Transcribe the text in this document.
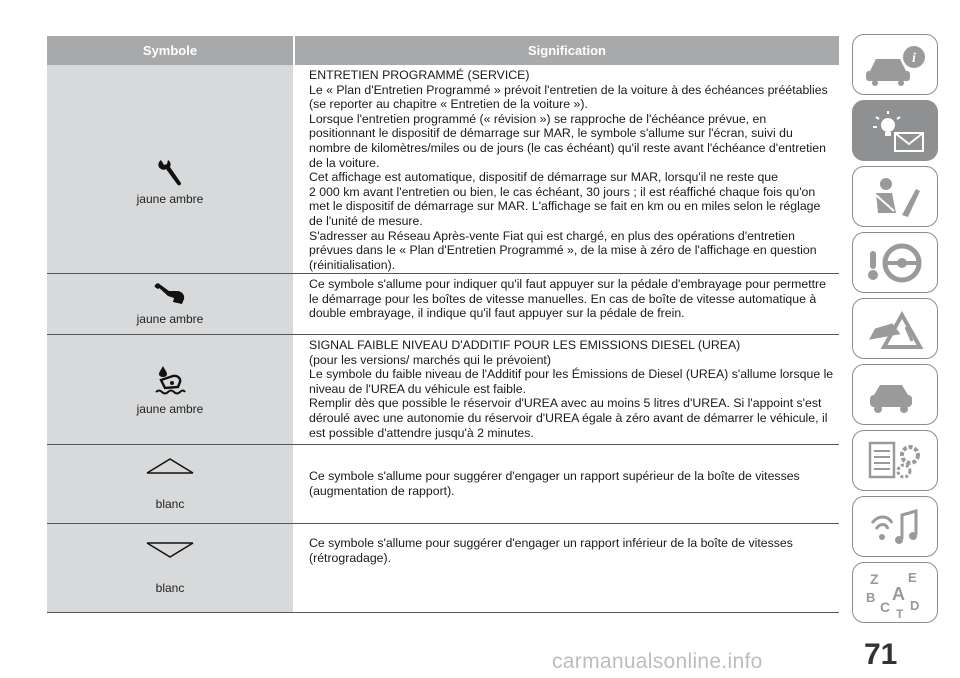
Symbole	Signification
jaune ambre
ENTRETIEN PROGRAMMÉ (SERVICE)
Le « Plan d'Entretien Programmé » prévoit l'entretien de la voiture à des échéances préétablies
(se reporter au chapitre « Entretien de la voiture »).
Lorsque l'entretien programmé (« révision ») se rapproche de l'échéance prévue, en
positionnant le dispositif de démarrage sur MAR, le symbole s'allume sur l'écran, suivi du
nombre de kilomètres/miles ou de jours (le cas échéant) qu'il reste avant l'échéance d'entretien
de la voiture.
Cet affichage est automatique, dispositif de démarrage sur MAR, lorsqu'il ne reste que
2 000 km avant l'entretien ou bien, le cas échéant, 30 jours ; il est réaffiché chaque fois qu'on
met le dispositif de démarrage sur MAR. L'affichage se fait en km ou en miles selon le réglage
de l'unité de mesure.
S'adresser au Réseau Après-vente Fiat qui est chargé, en plus des opérations d'entretien
prévues dans le « Plan d'Entretien Programmé », de la mise à zéro de l'affichage en question
(réinitialisation).
jaune ambre
Ce symbole s'allume pour indiquer qu'il faut appuyer sur la pédale d'embrayage pour permettre
le démarrage pour les boîtes de vitesse manuelles. En cas de boîte de vitesse automatique à
double embrayage, il indique qu'il faut appuyer sur la pédale de frein.
jaune ambre
SIGNAL FAIBLE NIVEAU D'ADDITIF POUR LES EMISSIONS DIESEL (UREA)
(pour les versions/ marchés qui le prévoient)
Le symbole du faible niveau de l'Additif pour les Émissions de Diesel (UREA) s'allume lorsque le
niveau de l'UREA du véhicule est faible.
Remplir dès que possible le réservoir d'UREA avec au moins 5 litres d'UREA. Si l'appoint s'est
déroulé avec une autonomie du réservoir d'UREA égale à zéro avant de démarrer le véhicule, il
est possible d'attendre jusqu'à 2 minutes.
blanc
Ce symbole s'allume pour suggérer d'engager un rapport supérieur de la boîte de vitesses
(augmentation de rapport).
blanc
Ce symbole s'allume pour suggérer d'engager un rapport inférieur de la boîte de vitesses
(rétrogradage).
i
Z E
A
B
C D
T
71
carmanualsonline.info
